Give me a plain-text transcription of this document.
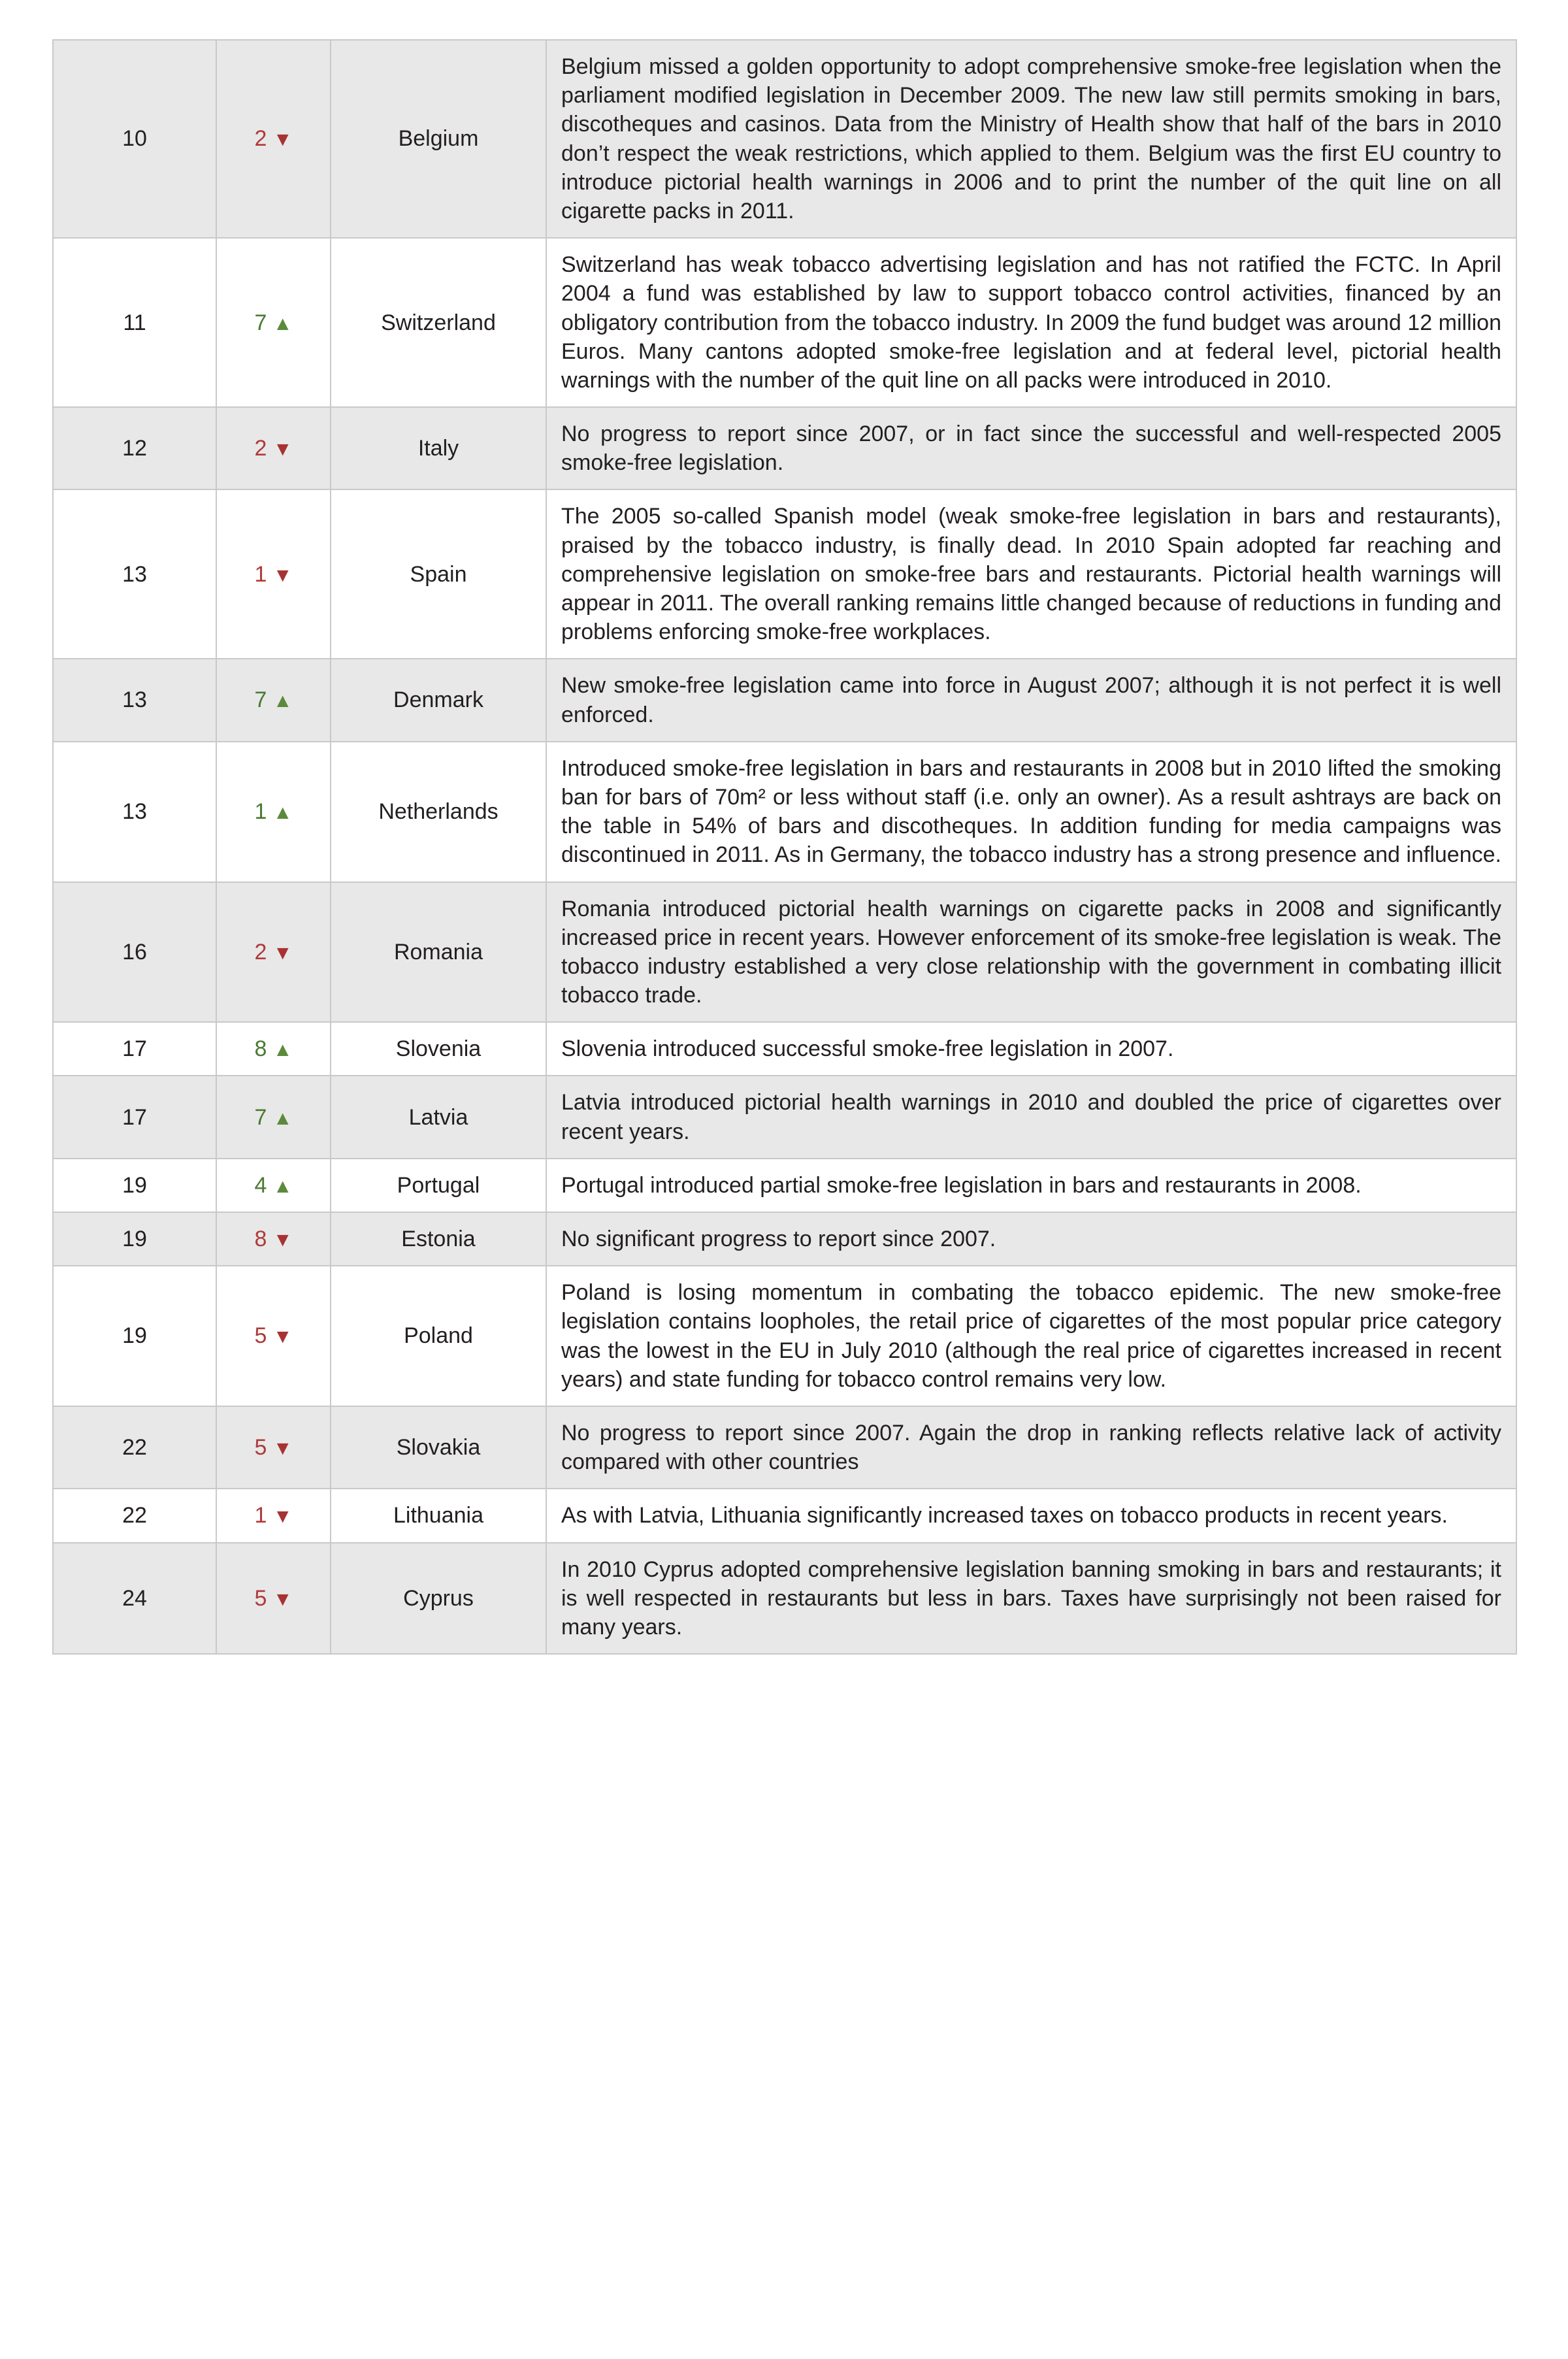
10	2 ▼	Belgium	Belgium missed a golden opportunity to adopt comprehensive smoke-free legislation when the parliament modified legislation in December 2009. The new law still permits smoking in bars, discotheques and casinos. Data from the Ministry of Health show that half of the bars in 2010 don’t respect the weak restrictions, which applied to them. Belgium was the first EU country to introduce pictorial health warnings in 2006 and to print the number of the quit line on all cigarette packs in 2011.
11	7 ▲	Switzerland	Switzerland has weak tobacco advertising legislation and has not ratified the FCTC. In April 2004 a fund was established by law to support tobacco control activities, financed by an obligatory contribution from the tobacco industry. In 2009 the fund budget was around 12 million Euros. Many cantons adopted smoke-free legislation and at federal level, pictorial health warnings with the number of the quit line on all packs were introduced in 2010.
12	2 ▼	Italy	No progress to report since 2007, or in fact since the successful and well-respected 2005 smoke-free legislation.
13	1 ▼	Spain	The 2005 so-called Spanish model (weak smoke-free legislation in bars and restaurants), praised by the tobacco industry, is finally dead. In 2010 Spain adopted far reaching and comprehensive legislation on smoke-free bars and restaurants. Pictorial health warnings will appear in 2011. The overall ranking remains little changed because of reductions in funding and problems enforcing smoke-free workplaces.
13	7 ▲	Denmark	New smoke-free legislation came into force in August 2007; although it is not perfect it is well enforced.
13	1 ▲	Netherlands	Introduced smoke-free legislation in bars and restaurants in 2008 but in 2010 lifted the smoking ban for bars of 70m² or less without staff (i.e. only an owner). As a result ashtrays are back on the table in 54% of bars and discotheques. In addition funding for media campaigns was discontinued in 2011. As in Germany, the tobacco industry has a strong presence and influence.
16	2 ▼	Romania	Romania introduced pictorial health warnings on cigarette packs in 2008 and significantly increased price in recent years. However enforcement of its smoke-free legislation is weak. The tobacco industry established a very close relationship with the government in combating illicit tobacco trade.
17	8 ▲	Slovenia	Slovenia introduced successful smoke-free legislation in 2007.
17	7 ▲	Latvia	Latvia introduced pictorial health warnings in 2010 and doubled the price of cigarettes over recent years.
19	4 ▲	Portugal	Portugal introduced partial smoke-free legislation in bars and restaurants in 2008.
19	8 ▼	Estonia	No significant progress to report since 2007.
19	5 ▼	Poland	Poland is losing momentum in combating the tobacco epidemic. The new smoke-free legislation contains loopholes, the retail price of cigarettes of the most popular price category was the lowest in the EU in July 2010 (although the real price of cigarettes increased in recent years) and state funding for tobacco control remains very low.
22	5 ▼	Slovakia	No progress to report since 2007. Again the drop in ranking reflects relative lack of activity compared with other countries
22	1 ▼	Lithuania	As with Latvia, Lithuania significantly increased taxes on tobacco products in recent years.
24	5 ▼	Cyprus	In 2010 Cyprus adopted comprehensive legislation banning smoking in bars and restaurants; it is well respected in restaurants but less in bars. Taxes have surprisingly not been raised for many years.
